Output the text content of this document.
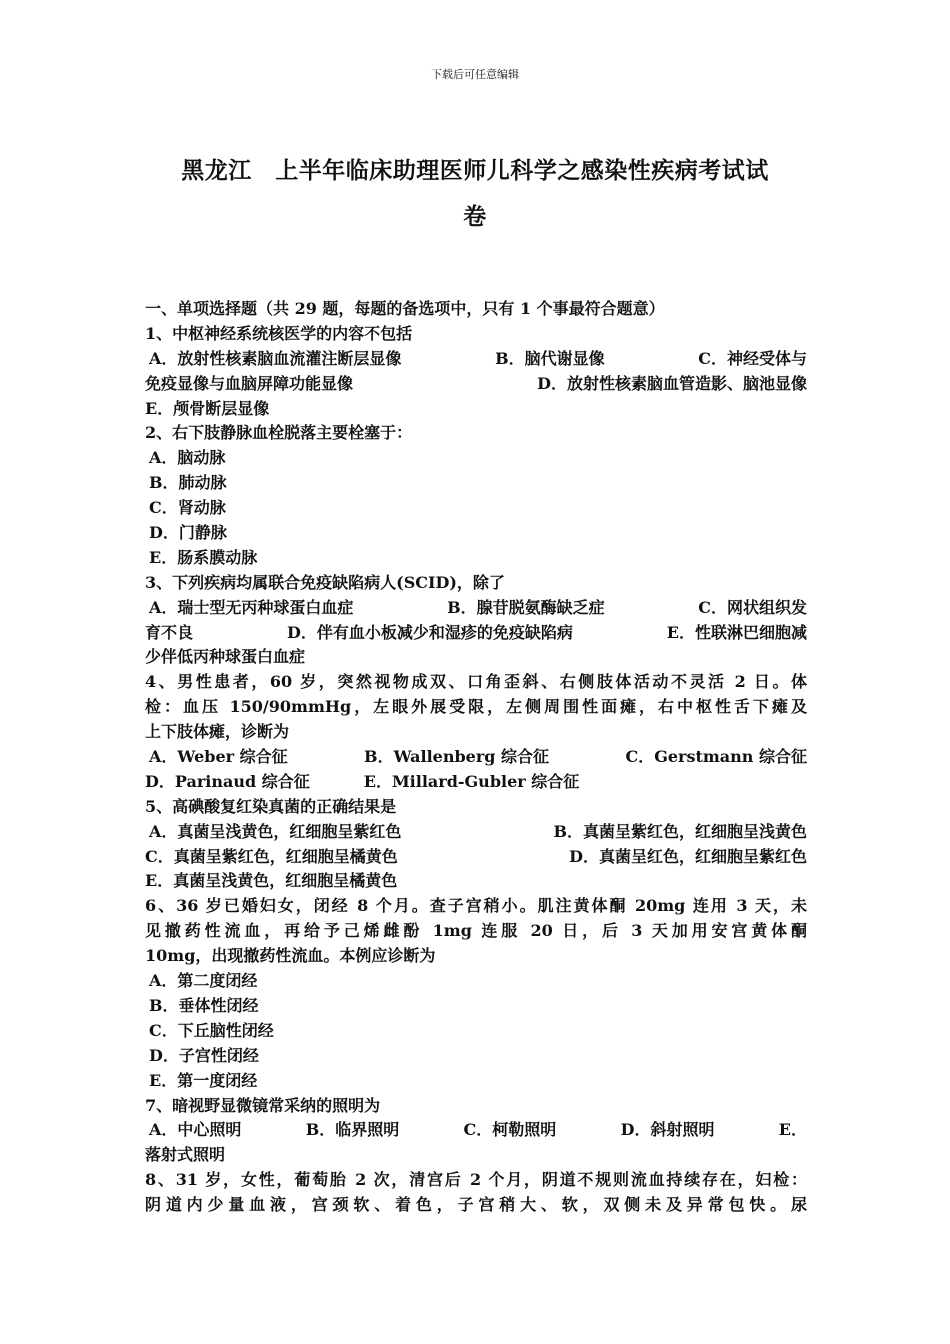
下载后可任意编辑
黑龙江　上半年临床助理医师儿科学之感染性疾病考试试
卷
一、单项选择题（共 29 题，每题的备选项中，只有 1 个事最符合题意）
1、中枢神经系统核医学的内容不包括
A．放射性核素脑血流灌注断层显像	B．脑代谢显像	C．神经受体与
免疫显像与血脑屏障功能显像	D．放射性核素脑血管造影、脑池显像
E．颅骨断层显像
2、右下肢静脉血栓脱落主要栓塞于：
A．脑动脉
B．肺动脉
C．肾动脉
D．门静脉
E．肠系膜动脉
3、下列疾病均属联合免疫缺陷病人(SCID)，除了
A．瑞士型无丙种球蛋白血症	B．腺苷脱氨酶缺乏症	C．网状组织发
育不良	D．伴有血小板减少和湿疹的免疫缺陷病	E．性联淋巴细胞减
少伴低丙种球蛋白血症
4、男性患者，60 岁，突然视物成双、口角歪斜、右侧肢体活动不灵活 2 日。体
检：血压 150/90mmHg，左眼外展受限，左侧周围性面瘫，右中枢性舌下瘫及
上下肢体瘫，诊断为
A．Weber 综合征	B．Wallenberg 综合征	C．Gerstmann 综合征
D．Parinaud 综合征	E．Millard-Gubler 综合征
5、高碘酸复红染真菌的正确结果是
A．真菌呈浅黄色，红细胞呈紫红色	B．真菌呈紫红色，红细胞呈浅黄色
C．真菌呈紫红色，红细胞呈橘黄色	D．真菌呈红色，红细胞呈紫红色
E．真菌呈浅黄色，红细胞呈橘黄色
6、36 岁已婚妇女，闭经 8 个月。查子宫稍小。肌注黄体酮 20mg 连用 3 天，未
见撤药性流血，再给予己烯雌酚 1mg 连服 20 日，后 3 天加用安宫黄体酮
10mg，出现撤药性流血。本例应诊断为
A．第二度闭经
B．垂体性闭经
C．下丘脑性闭经
D．子宫性闭经
E．第一度闭经
7、暗视野显微镜常采纳的照明为
A．中心照明	B．临界照明	C．柯勒照明	D．斜射照明	E．
落射式照明
8、31 岁，女性，葡萄胎 2 次，清宫后 2 个月，阴道不规则流血持续存在，妇检：
阴道内少量血液，宫颈软、着色，子宫稍大、软，双侧未及异常包快。尿
